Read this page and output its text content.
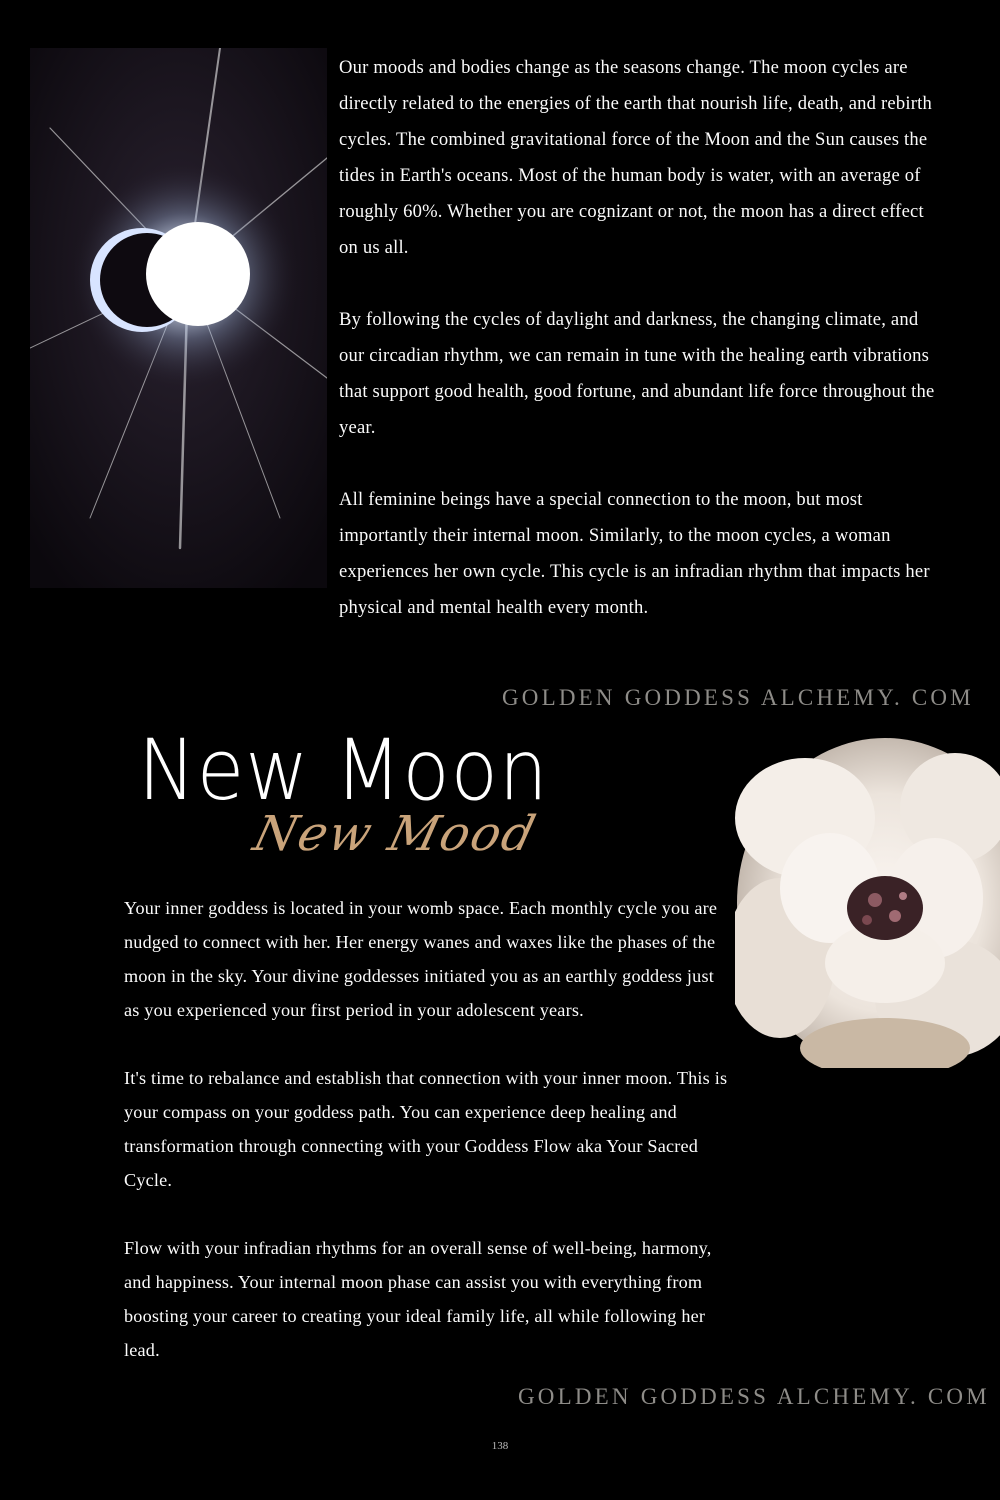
Our moods and bodies change as the seasons change. The moon cycles are directly related to the energies of the earth that nourish life, death, and rebirth cycles. The combined gravitational force of the Moon and the Sun causes the tides in Earth's oceans. Most of the human body is water, with an average of roughly 60%. Whether you are cognizant or not, the moon has a direct effect on us all.

By following the cycles of daylight and darkness, the changing climate, and our circadian rhythm, we can remain in tune with the healing earth vibrations that support good health, good fortune, and abundant life force throughout the year.

All feminine beings have a special connection to the moon, but most importantly their internal moon. Similarly, to the moon cycles, a woman experiences her own cycle. This cycle is an infradian rhythm that impacts her physical and mental health every month.

GOLDEN GODDESS ALCHEMY. COM
New Moon
New Mood

Your inner goddess is located in your womb space. Each monthly cycle you are nudged to connect with her. Her energy wanes and waxes like the phases of the moon in the sky. Your divine goddesses initiated you as an earthly goddess just as you experienced your first period in your adolescent years.

It's time to rebalance and establish that connection with your inner moon. This is your compass on your goddess path. You can experience deep healing and transformation through connecting with your Goddess Flow aka Your Sacred Cycle.

Flow with your infradian rhythms for an overall sense of well-being, harmony, and happiness. Your internal moon phase can assist you with everything from boosting your career to creating your ideal family life, all while following her lead.

GOLDEN GODDESS ALCHEMY. COM
138
